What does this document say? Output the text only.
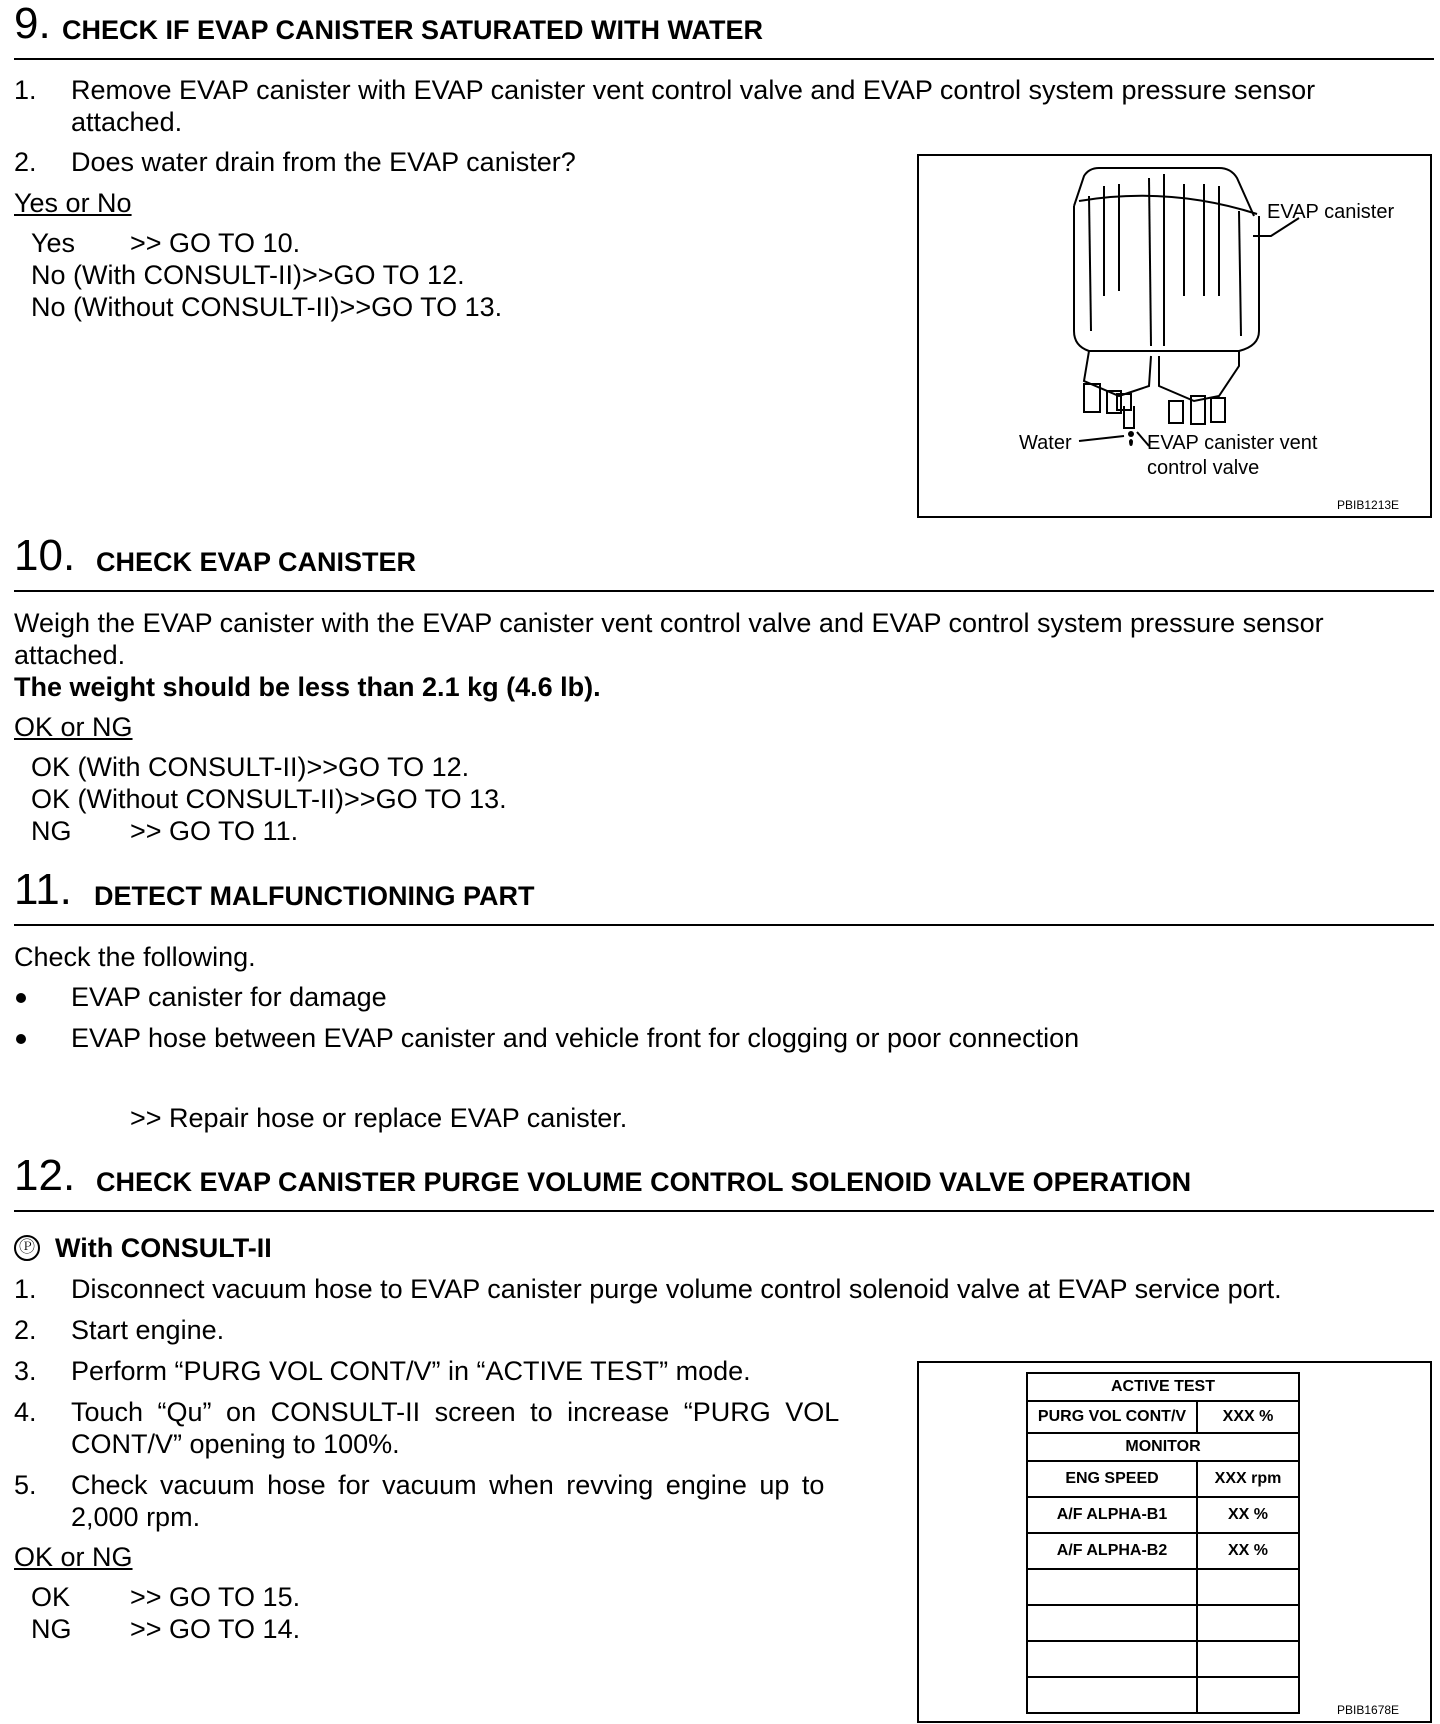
9. CHECK IF EVAP CANISTER SATURATED WITH WATER
1. Remove EVAP canister with EVAP canister vent control valve and EVAP control system pressure sensor
attached.
2. Does water drain from the EVAP canister?
Yes or No
Yes >> GO TO 10.
No (With CONSULT-II)>>GO TO 12.
No (Without CONSULT-II)>>GO TO 13.
EVAP canister
Water	EVAP canister vent
control valve
PBIB1213E
10. CHECK EVAP CANISTER
Weigh the EVAP canister with the EVAP canister vent control valve and EVAP control system pressure sensor
attached.
The weight should be less than 2.1 kg (4.6 lb).
OK or NG
OK (With CONSULT-II)>>GO TO 12.
OK (Without CONSULT-II)>>GO TO 13.
NG >> GO TO 11.
11. DETECT MALFUNCTIONING PART
Check the following.
EVAP canister for damage
EVAP hose between EVAP canister and vehicle front for clogging or poor connection
>> Repair hose or replace EVAP canister.
12. CHECK EVAP CANISTER PURGE VOLUME CONTROL SOLENOID VALVE OPERATION
Ⓟ With CONSULT-II
1. Disconnect vacuum hose to EVAP canister purge volume control solenoid valve at EVAP service port.
2. Start engine.
3. Perform “PURG VOL CONT/V” in “ACTIVE TEST” mode.
4. Touch “Qu” on CONSULT-II screen to increase “PURG VOL
CONT/V” opening to 100%.
5. Check vacuum hose for vacuum when revving engine up to
2,000 rpm.
OK or NG
OK >> GO TO 15.
NG >> GO TO 14.
ACTIVE TEST	
PURG VOL CONT/V	XXX %
MONITOR	
ENG SPEED	XXX rpm
A/F ALPHA-B1	XX %
A/F ALPHA-B2	XX %

PBIB1678E
